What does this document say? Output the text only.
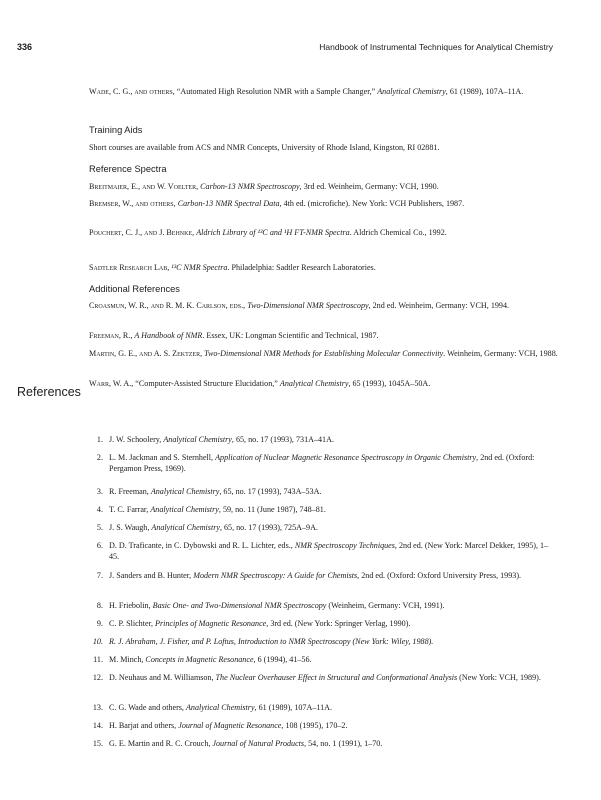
336	Handbook of Instrumental Techniques for Analytical Chemistry
Wade, C. G., and others, “Automated High Resolution NMR with a Sample Changer,” Analytical Chemistry, 61 (1989), 107A–11A.
Training Aids
Short courses are available from ACS and NMR Concepts, University of Rhode Island, Kingston, RI 02881.
Reference Spectra
Breitmaier, E., and W. Voelter, Carbon-13 NMR Spectroscopy, 3rd ed. Weinheim, Germany: VCH, 1990.
Bremser, W., and others, Carbon-13 NMR Spectral Data, 4th ed. (microfiche). New York: VCH Publishers, 1987.
Pouchert, C. J., and J. Behnke, Aldrich Library of ¹³C and ¹H FT-NMR Spectra. Aldrich Chemical Co., 1992.
Sadtler Research Lab, ¹³C NMR Spectra. Philadelphia: Sadtler Research Laboratories.
Additional References
Croasmun, W. R., and R. M. K. Carlson, eds., Two-Dimensional NMR Spectroscopy, 2nd ed. Weinheim, Germany: VCH, 1994.
Freeman, R., A Handbook of NMR. Essex, UK: Longman Scientific and Technical, 1987.
Martin, G. E., and A. S. Zektzer, Two-Dimensional NMR Methods for Establishing Molecular Connectivity. Weinheim, Germany: VCH, 1988.
Warr, W. A., “Computer-Assisted Structure Elucidation,” Analytical Chemistry, 65 (1993), 1045A–50A.
References
1. J. W. Schoolery, Analytical Chemistry, 65, no. 17 (1993), 731A–41A.
2. L. M. Jackman and S. Sternhell, Application of Nuclear Magnetic Resonance Spectroscopy in Organic Chemistry, 2nd ed. (Oxford: Pergamon Press, 1969).
3. R. Freeman, Analytical Chemistry, 65, no. 17 (1993), 743A–53A.
4. T. C. Farrar, Analytical Chemistry, 59, no. 11 (June 1987), 748–81.
5. J. S. Waugh, Analytical Chemistry, 65, no. 17 (1993), 725A–9A.
6. D. D. Traficante, in C. Dybowski and R. L. Lichter, eds., NMR Spectroscopy Techniques, 2nd ed. (New York: Marcel Dekker, 1995), 1–45.
7. J. Sanders and B. Hunter, Modern NMR Spectroscopy: A Guide for Chemists, 2nd ed. (Oxford: Oxford University Press, 1993).
8. H. Friebolin, Basic One- and Two-Dimensional NMR Spectroscopy (Weinheim, Germany: VCH, 1991).
9. C. P. Slichter, Principles of Magnetic Resonance, 3rd ed. (New York: Springer Verlag, 1990).
10. R. J. Abraham, J. Fisher, and P. Loftus, Introduction to NMR Spectroscopy (New York: Wiley, 1988).
11. M. Minch, Concepts in Magnetic Resonance, 6 (1994), 41–56.
12. D. Neuhaus and M. Williamson, The Nuclear Overhauser Effect in Structural and Conformational Analysis (New York: VCH, 1989).
13. C. G. Wade and others, Analytical Chemistry, 61 (1989), 107A–11A.
14. H. Barjat and others, Journal of Magnetic Resonance, 108 (1995), 170–2.
15. G. E. Martin and R. C. Crouch, Journal of Natural Products, 54, no. 1 (1991), 1–70.
